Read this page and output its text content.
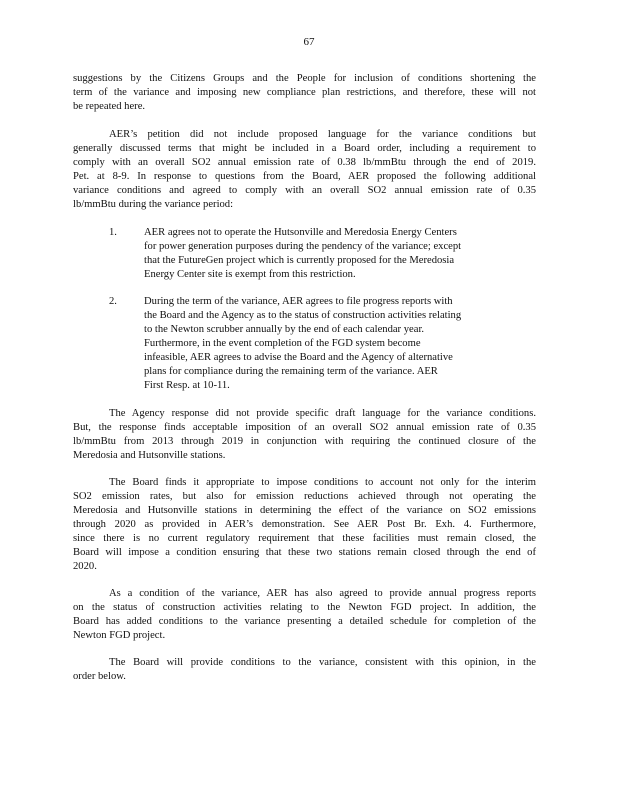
67
suggestions by the Citizens Groups and the People for inclusion of conditions shortening the
term of the variance and imposing new compliance plan restrictions, and therefore, these will not
be repeated here.
AER’s petition did not include proposed language for the variance conditions but
generally discussed terms that might be included in a Board order, including a requirement to
comply with an overall SO2 annual emission rate of 0.38 lb/mmBtu through the end of 2019.
Pet. at 8-9. In response to questions from the Board, AER proposed the following additional
variance conditions and agreed to comply with an overall SO2 annual emission rate of 0.35
lb/mmBtu during the variance period:
1.	AER agrees not to operate the Hutsonville and Meredosia Energy Centers
for power generation purposes during the pendency of the variance; except
that the FutureGen project which is currently proposed for the Meredosia
Energy Center site is exempt from this restriction.
2.	During the term of the variance, AER agrees to file progress reports with
the Board and the Agency as to the status of construction activities relating
to the Newton scrubber annually by the end of each calendar year.
Furthermore, in the event completion of the FGD system become
infeasible, AER agrees to advise the Board and the Agency of alternative
plans for compliance during the remaining term of the variance. AER
First Resp. at 10-11.
The Agency response did not provide specific draft language for the variance conditions.
But, the response finds acceptable imposition of an overall SO2 annual emission rate of 0.35
lb/mmBtu from 2013 through 2019 in conjunction with requiring the continued closure of the
Meredosia and Hutsonville stations.
The Board finds it appropriate to impose conditions to account not only for the interim
SO2 emission rates, but also for emission reductions achieved through not operating the
Meredosia and Hutsonville stations in determining the effect of the variance on SO2 emissions
through 2020 as provided in AER’s demonstration. See AER Post Br. Exh. 4. Furthermore,
since there is no current regulatory requirement that these facilities must remain closed, the
Board will impose a condition ensuring that these two stations remain closed through the end of
2020.
As a condition of the variance, AER has also agreed to provide annual progress reports
on the status of construction activities relating to the Newton FGD project. In addition, the
Board has added conditions to the variance presenting a detailed schedule for completion of the
Newton FGD project.
The Board will provide conditions to the variance, consistent with this opinion, in the
order below.
